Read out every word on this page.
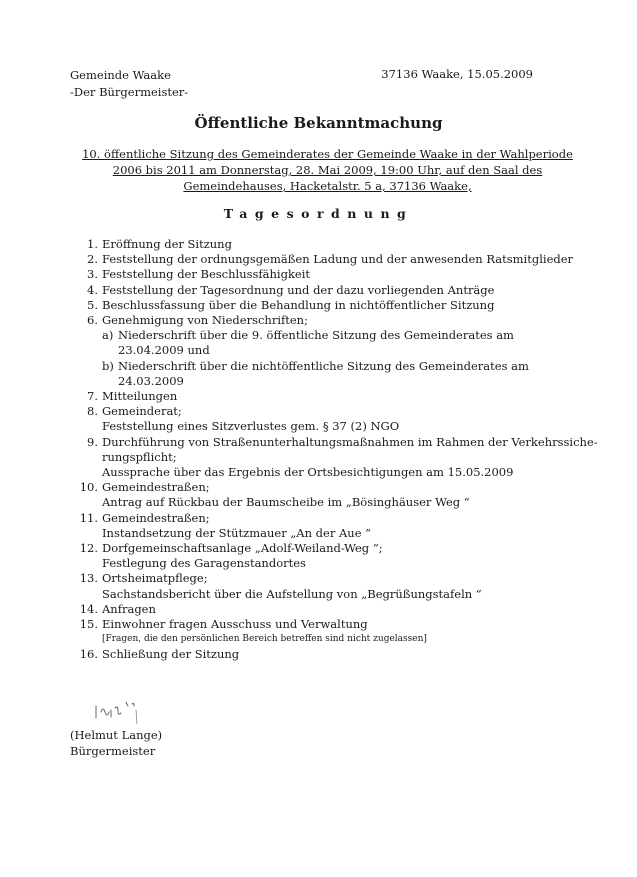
Gemeinde Waake
-Der Bürgermeister-
37136 Waake, 15.05.2009
Öffentliche Bekanntmachung
10. öffentliche Sitzung des Gemeinderates der Gemeinde Waake in der Wahlperiode
2006 bis 2011 am Donnerstag, 28. Mai 2009, 19:00 Uhr, auf den Saal des
Gemeindehauses, Hacketalstr. 5 a, 37136 Waake,
Tagesordnung
1. Eröffnung der Sitzung
2. Feststellung der ordnungsgemäßen Ladung und der anwesenden Ratsmitglieder
3. Feststellung der Beschlussfähigkeit
4. Feststellung der Tagesordnung und der dazu vorliegenden Anträge
5. Beschlussfassung über die Behandlung in nichtöffentlicher Sitzung
6. Genehmigung von Niederschriften;
a) Niederschrift über die 9. öffentliche Sitzung des Gemeinderates am
23.04.2009 und
b) Niederschrift über die nichtöffentliche Sitzung des Gemeinderates am
24.03.2009
7. Mitteilungen
8. Gemeinderat;
Feststellung eines Sitzverlustes gem. § 37 (2) NGO
9. Durchführung von Straßenunterhaltungsmaßnahmen im Rahmen der Verkehrssiche-
rungspflicht;
Aussprache über das Ergebnis der Ortsbesichtigungen am 15.05.2009
10. Gemeindestraßen;
Antrag auf Rückbau der Baumscheibe im „Bösinghäuser Weg “
11. Gemeindestraßen;
Instandsetzung der Stützmauer „An der Aue “
12. Dorfgemeinschaftsanlage „Adolf-Weiland-Weg “;
Festlegung des Garagenstandortes
13. Ortsheimatpflege;
Sachstandsbericht über die Aufstellung von „Begrüßungstafeln “
14. Anfragen
15. Einwohner fragen Ausschuss und Verwaltung
[Fragen, die den persönlichen Bereich betreffen sind nicht zugelassen]
16. Schließung der Sitzung
(Helmut Lange)
Bürgermeister
